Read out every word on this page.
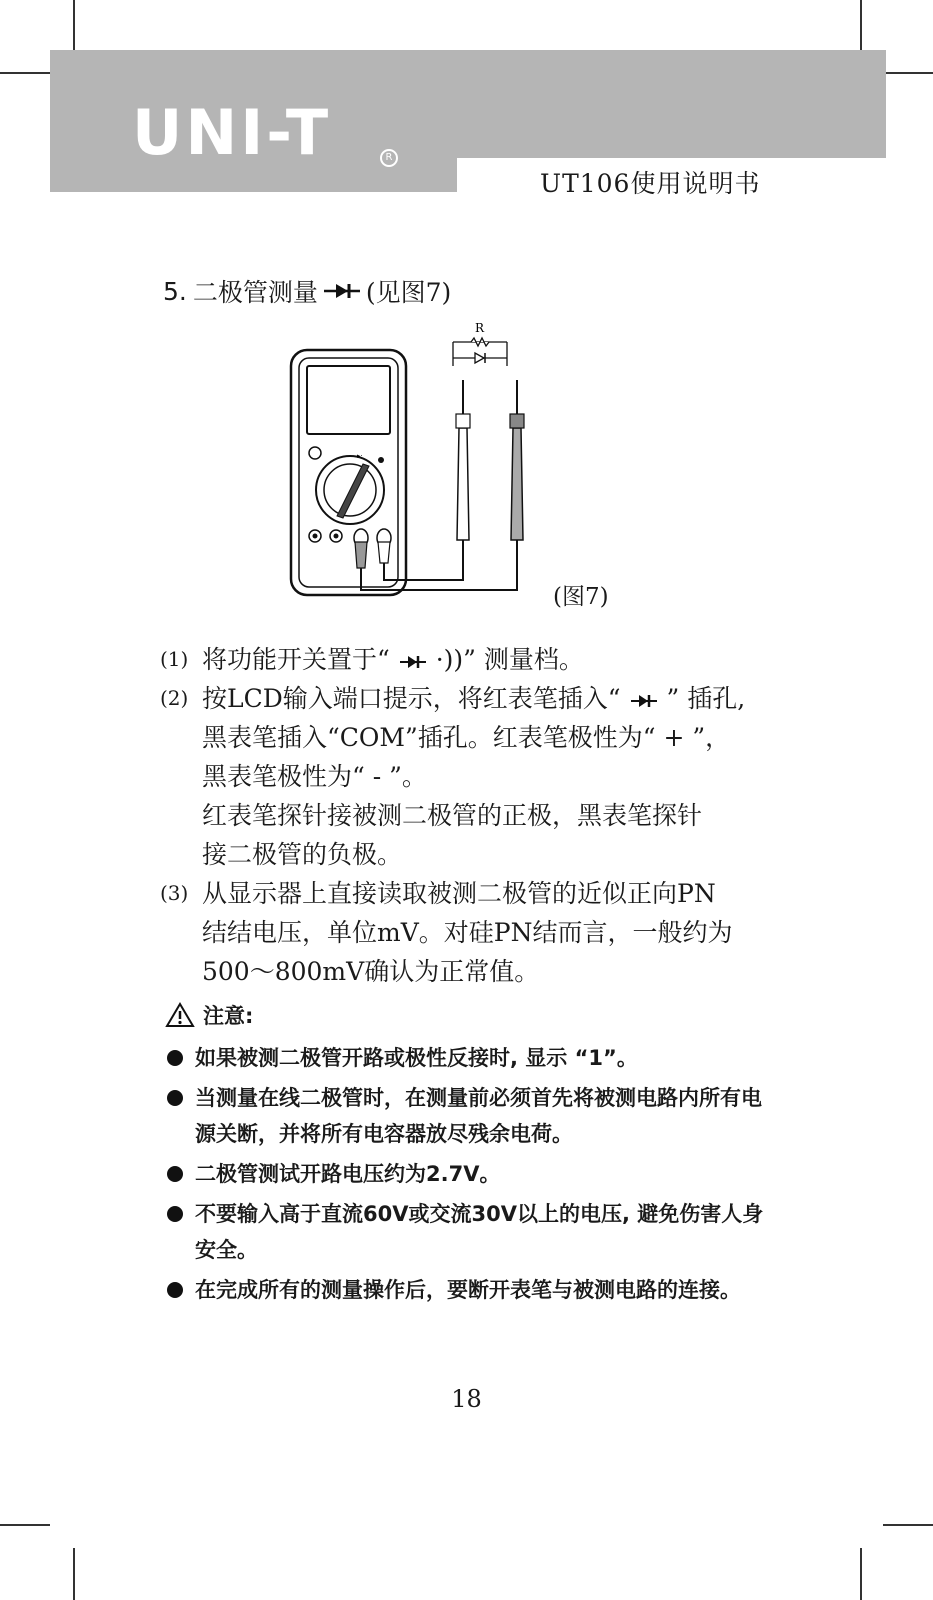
UNI-T	R
UT106使用说明书
5. 二极管测量 (见图7)
▸·
R
(图7)
(1) 将功能开关置于“  ·))” 测量档。

(2) 按LCD输入端口提示，将红表笔插入“ ” 插孔,

黑表笔插入“COM”插孔。红表笔极性为“ + ”，

黑表笔极性为“ - ”。

红表笔探针接被测二极管的正极，黑表笔探针

接二极管的负极。

(3) 从显示器上直接读取被测二极管的近似正向PN

结结电压，单位mV。对硅PN结而言，一般约为

500～800mV确认为正常值。

注意:
如果被测二极管开路或极性反接时, 显示 “1”。
当测量在线二极管时，在测量前必须首先将被测电路内所有电源关断，并将所有电容器放尽残余电荷。
二极管测试开路电压约为2.7V。
不要输入高于直流60V或交流30V以上的电压, 避免伤害人身安全。
在完成所有的测量操作后，要断开表笔与被测电路的连接。
18
